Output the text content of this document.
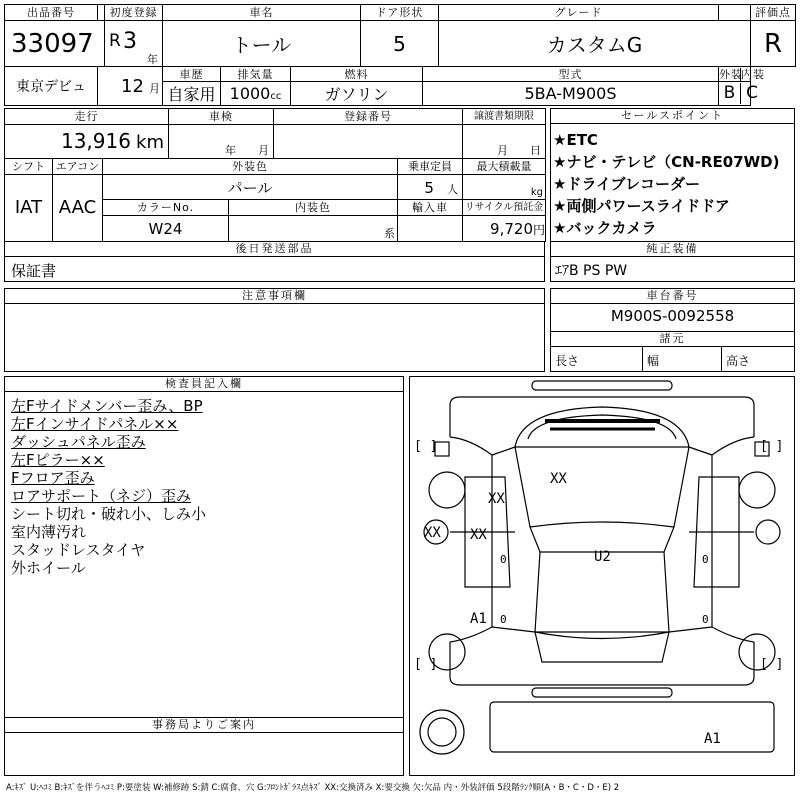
出品番号		初度登録	車名			ドア形状		グレード		評価点
33097		R 3
年	トール			5		カスタムG		R
東京デビュ	12 月		車歴	排気量	燃料		型式		外装内装	
			自家用	1000cc	ガソリン		5BA-M900S		B C	
走行			車検		登録番号		譲渡書類期限
13,916 km			年 月				月 日
シフト	エアコン	外装色				乗車定員	最大積載量
IAT	AAC	パール				5 人	kg
		カラーNo.		内装色		輸入車	リサイクル預託金
		W24		系			9,720円
後日発送部品
保証書
セールスポイント
★ETC
★ナビ・テレビ（CN-RE07WD)
★ドライブレコーダー
★両側パワースライドドア
★バックカメラ
純正装備
ｴｱB PS PW
注意事項欄	車台番号
M900S-0092558
諸元
長さ	幅	高さ
検査員記入欄
左Fサイドメンバー歪み、BP
左Fインサイドパネル××
ダッシュパネル歪み
左Fピラー××
Fフロア歪み
ロアサポート（ネジ）歪み
シート切れ・破れ小、しみ小
室内薄汚れ
スタッドレスタイヤ
外ホイール
事務局よりご案内
[ ]	[ ]
[ ]	[ ]
XX
XX
XX XX
U2
A1
A1
0
0
0
0
A:ｷｽﾞ U:ﾍｺﾐ B:ｷｽﾞを伴うﾍｺﾐ P:要塗装 W:補修跡 S:錆 C:腐食、穴 G:ﾌﾛﾝﾄｶﾞﾗｽ点ｷｽﾞ XX:交換済み X:要交換 欠:欠品 内・外装評価 5段階ﾗﾝｸ順(A・B・C・D・E) 2
